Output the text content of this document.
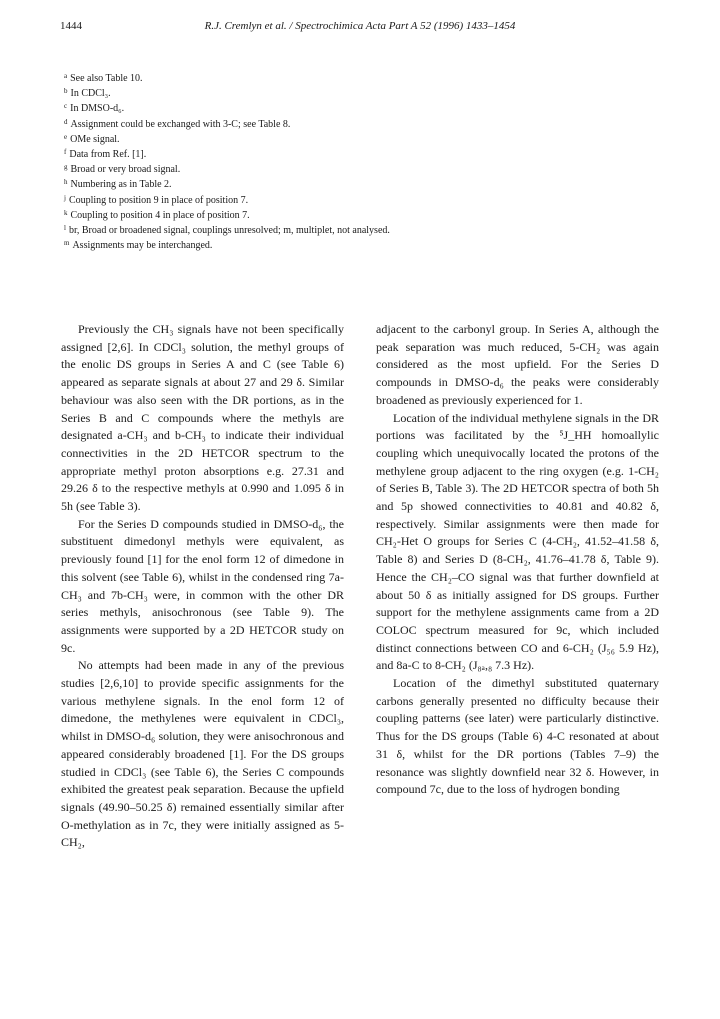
1444	R.J. Cremlyn et al. / Spectrochimica Acta Part A 52 (1996) 1433–1454
$^a$ See also Table 10.
$^b$ In CDCl₃.
$^c$ In DMSO-d₆.
$^d$ Assignment could be exchanged with 3-C; see Table 8.
$^e$ OMe signal.
$^f$ Data from Ref. [1].
$^g$ Broad or very broad signal.
$^h$ Numbering as in Table 2.
$^j$ Coupling to position 9 in place of position 7.
$^k$ Coupling to position 4 in place of position 7.
$^l$ br, Broad or broadened signal, couplings unresolved; m, multiplet, not analysed.
$^m$ Assignments may be interchanged.

Previously the CH₃ signals have not been specifically assigned [2,6]. In CDCl₃ solution, the methyl groups of the enolic DS groups in Series A and C (see Table 6) appeared as separate signals at about 27 and 29 δ. Similar behaviour was also seen with the DR portions, as in the Series B and C compounds where the methyls are designated a-CH₃ and b-CH₃ to indicate their individual connectivities in the 2D HETCOR spectrum to the appropriate methyl proton absorptions e.g. 27.31 and 29.26 δ to the respective methyls at 0.990 and 1.095 δ in 5h (see Table 3).

For the Series D compounds studied in DMSO-d₆, the substituent dimedonyl methyls were equivalent, as previously found [1] for the enol form 12 of dimedone in this solvent (see Table 6), whilst in the condensed ring 7a-CH₃ and 7b-CH₃ were, in common with the other DR series methyls, anisochronous (see Table 9). The assignments were supported by a 2D HETCOR study on 9c.

No attempts had been made in any of the previous studies [2,6,10] to provide specific assignments for the various methylene signals. In the enol form 12 of dimedone, the methylenes were equivalent in CDCl₃, whilst in DMSO-d₆ solution, they were anisochronous and appeared considerably broadened [1]. For the DS groups studied in CDCl₃ (see Table 6), the Series C compounds exhibited the greatest peak separation. Because the upfield signals (49.90–50.25 δ) remained essentially similar after O-methylation as in 7c, they were initially assigned as 5-CH₂,

adjacent to the carbonyl group. In Series A, although the peak separation was much reduced, 5-CH₂ was again considered as the most upfield. For the Series D compounds in DMSO-d₆ the peaks were considerably broadened as previously experienced for 1.

Location of the individual methylene signals in the DR portions was facilitated by the ⁵J_HH homoallylic coupling which unequivocally located the protons of the methylene group adjacent to the ring oxygen (e.g. 1-CH₂ of Series B, Table 3). The 2D HETCOR spectra of both 5h and 5p showed connectivities to 40.81 and 40.82 δ, respectively. Similar assignments were then made for CH₂-Het O groups for Series C (4-CH₂, 41.52–41.58 δ, Table 8) and Series D (8-CH₂, 41.76–41.78 δ, Table 9). Hence the CH₂–CO signal was that further downfield at about 50 δ as initially assigned for DS groups. Further support for the methylene assignments came from a 2D COLOC spectrum measured for 9c, which included distinct connections between CO and 6-CH₂ (J₅₆ 5.9 Hz), and 8a-C to 8-CH₂ (J₈ₐ,₈ 7.3 Hz).

Location of the dimethyl substituted quaternary carbons generally presented no difficulty because their coupling patterns (see later) were particularly distinctive. Thus for the DS groups (Table 6) 4-C resonated at about 31 δ, whilst for the DR portions (Tables 7–9) the resonance was slightly downfield near 32 δ. However, in compound 7c, due to the loss of hydrogen bonding
